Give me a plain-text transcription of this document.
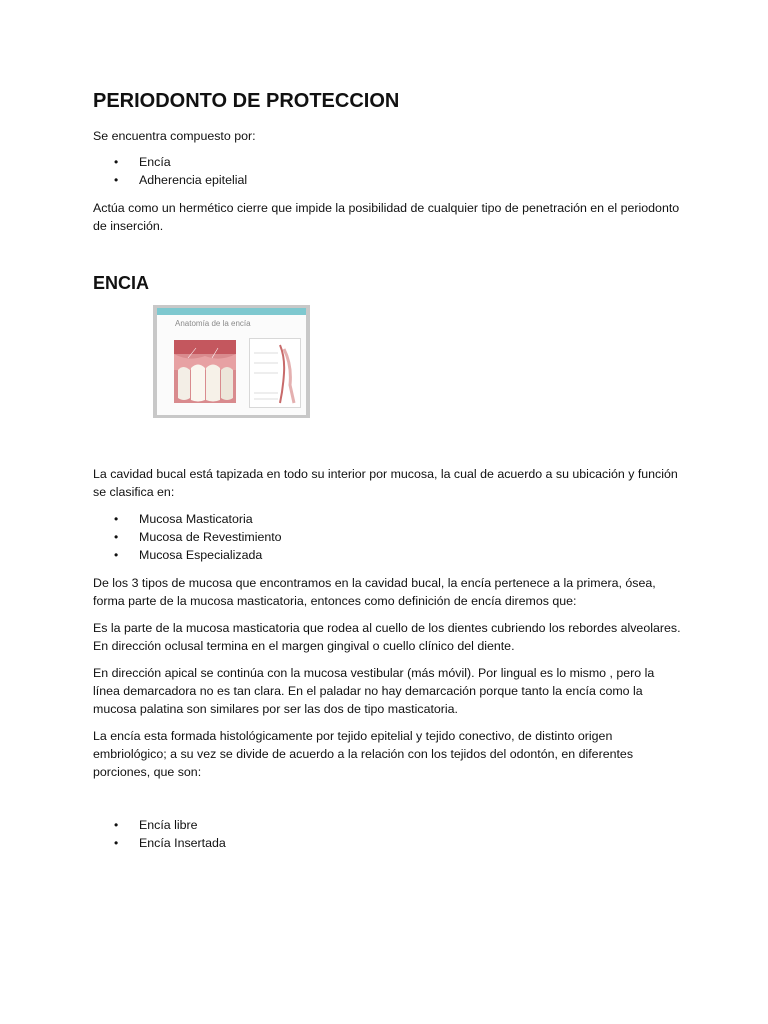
PERIODONTO DE PROTECCION

Se encuentra compuesto por:

• Encía
• Adherencia epitelial

Actúa como un hermético cierre que impide la posibilidad de cualquier tipo de penetración en el periodonto de inserción.

ENCIA
Anatomía de la encía

La cavidad bucal está tapizada en todo su interior por mucosa, la cual de acuerdo a su ubicación y función se clasifica en:

• Mucosa Masticatoria
• Mucosa de Revestimiento
• Mucosa Especializada

De los 3 tipos de mucosa que encontramos en la cavidad bucal, la encía pertenece a la primera, ósea, forma parte de la mucosa masticatoria, entonces como definición de encía diremos que:

Es la parte de la mucosa masticatoria que rodea al cuello de los dientes cubriendo los rebordes alveolares. En dirección oclusal termina en el margen gingival o cuello clínico del diente.

En dirección apical se continúa con la mucosa vestibular (más móvil). Por lingual es lo mismo , pero la línea demarcadora no es tan clara. En el paladar no hay demarcación porque tanto la encía como la mucosa palatina son similares por ser las dos de tipo masticatoria.

La encía esta formada histológicamente por tejido epitelial y tejido conectivo, de distinto origen embriológico; a su vez se divide de acuerdo a la relación con los tejidos del odontón, en diferentes porciones, que son:

• Encía libre
• Encía Insertada
